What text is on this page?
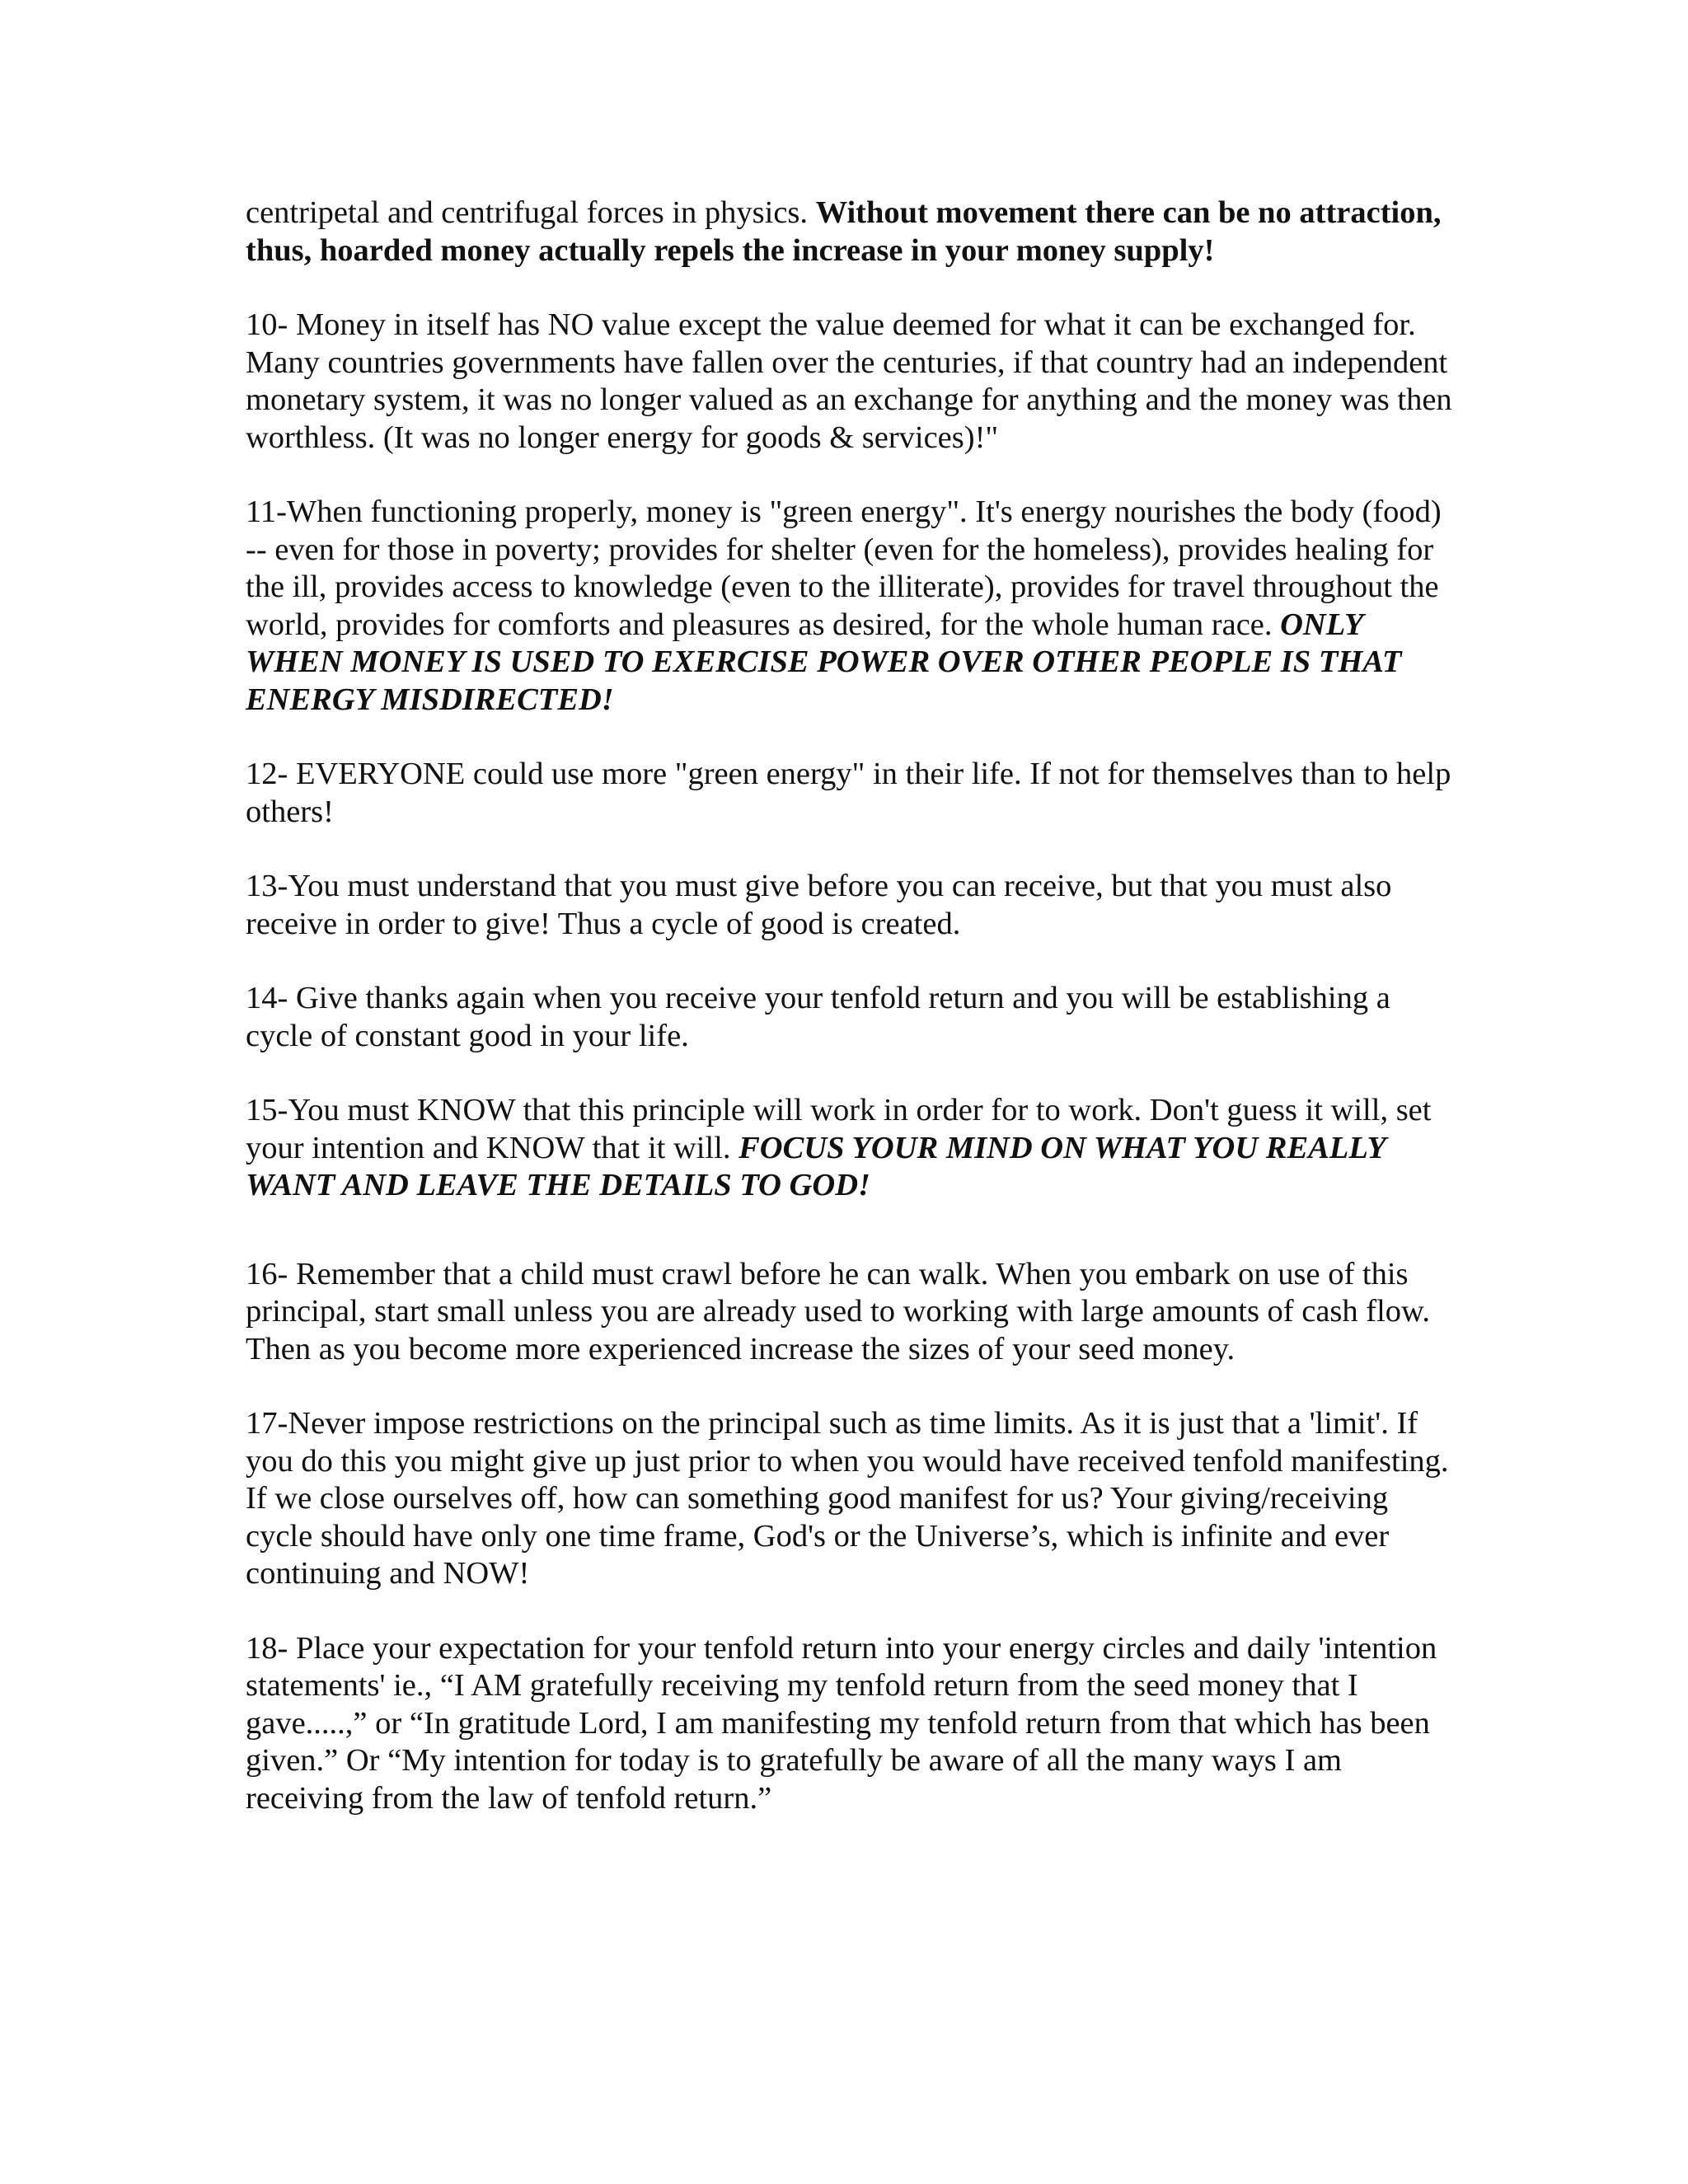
centripetal and centrifugal forces in physics. Without movement there can be no attraction, thus, hoarded money actually repels the increase in your money supply!

10- Money in itself has NO value except the value deemed for what it can be exchanged for. Many countries governments have fallen over the centuries, if that country had an independent monetary system, it was no longer valued as an exchange for anything and the money was then worthless. (It was no longer energy for goods & services)!"

11-When functioning properly, money is "green energy". It's energy nourishes the body (food) -- even for those in poverty; provides for shelter (even for the homeless), provides healing for the ill, provides access to knowledge (even to the illiterate), provides for travel throughout the world, provides for comforts and pleasures as desired, for the whole human race. ONLY WHEN MONEY IS USED TO EXERCISE POWER OVER OTHER PEOPLE IS THAT ENERGY MISDIRECTED!

12- EVERYONE could use more "green energy" in their life. If not for themselves than to help others!

13-You must understand that you must give before you can receive, but that you must also receive in order to give! Thus a cycle of good is created.

14- Give thanks again when you receive your tenfold return and you will be establishing a cycle of constant good in your life.

15-You must KNOW that this principle will work in order for to work. Don't guess it will, set your intention and KNOW that it will. FOCUS YOUR MIND ON WHAT YOU REALLY WANT AND LEAVE THE DETAILS TO GOD!

16- Remember that a child must crawl before he can walk. When you embark on use of this principal, start small unless you are already used to working with large amounts of cash flow. Then as you become more experienced increase the sizes of your seed money.

17-Never impose restrictions on the principal such as time limits. As it is just that a 'limit'. If you do this you might give up just prior to when you would have received tenfold manifesting. If we close ourselves off, how can something good manifest for us? Your giving/receiving cycle should have only one time frame, God's or the Universe’s, which is infinite and ever continuing and NOW!

18- Place your expectation for your tenfold return into your energy circles and daily 'intention statements' ie., “I AM gratefully receiving my tenfold return from the seed money that I gave.....,” or “In gratitude Lord, I am manifesting my tenfold return from that which has been given.” Or “My intention for today is to gratefully be aware of all the many ways I am receiving from the law of tenfold return.”
